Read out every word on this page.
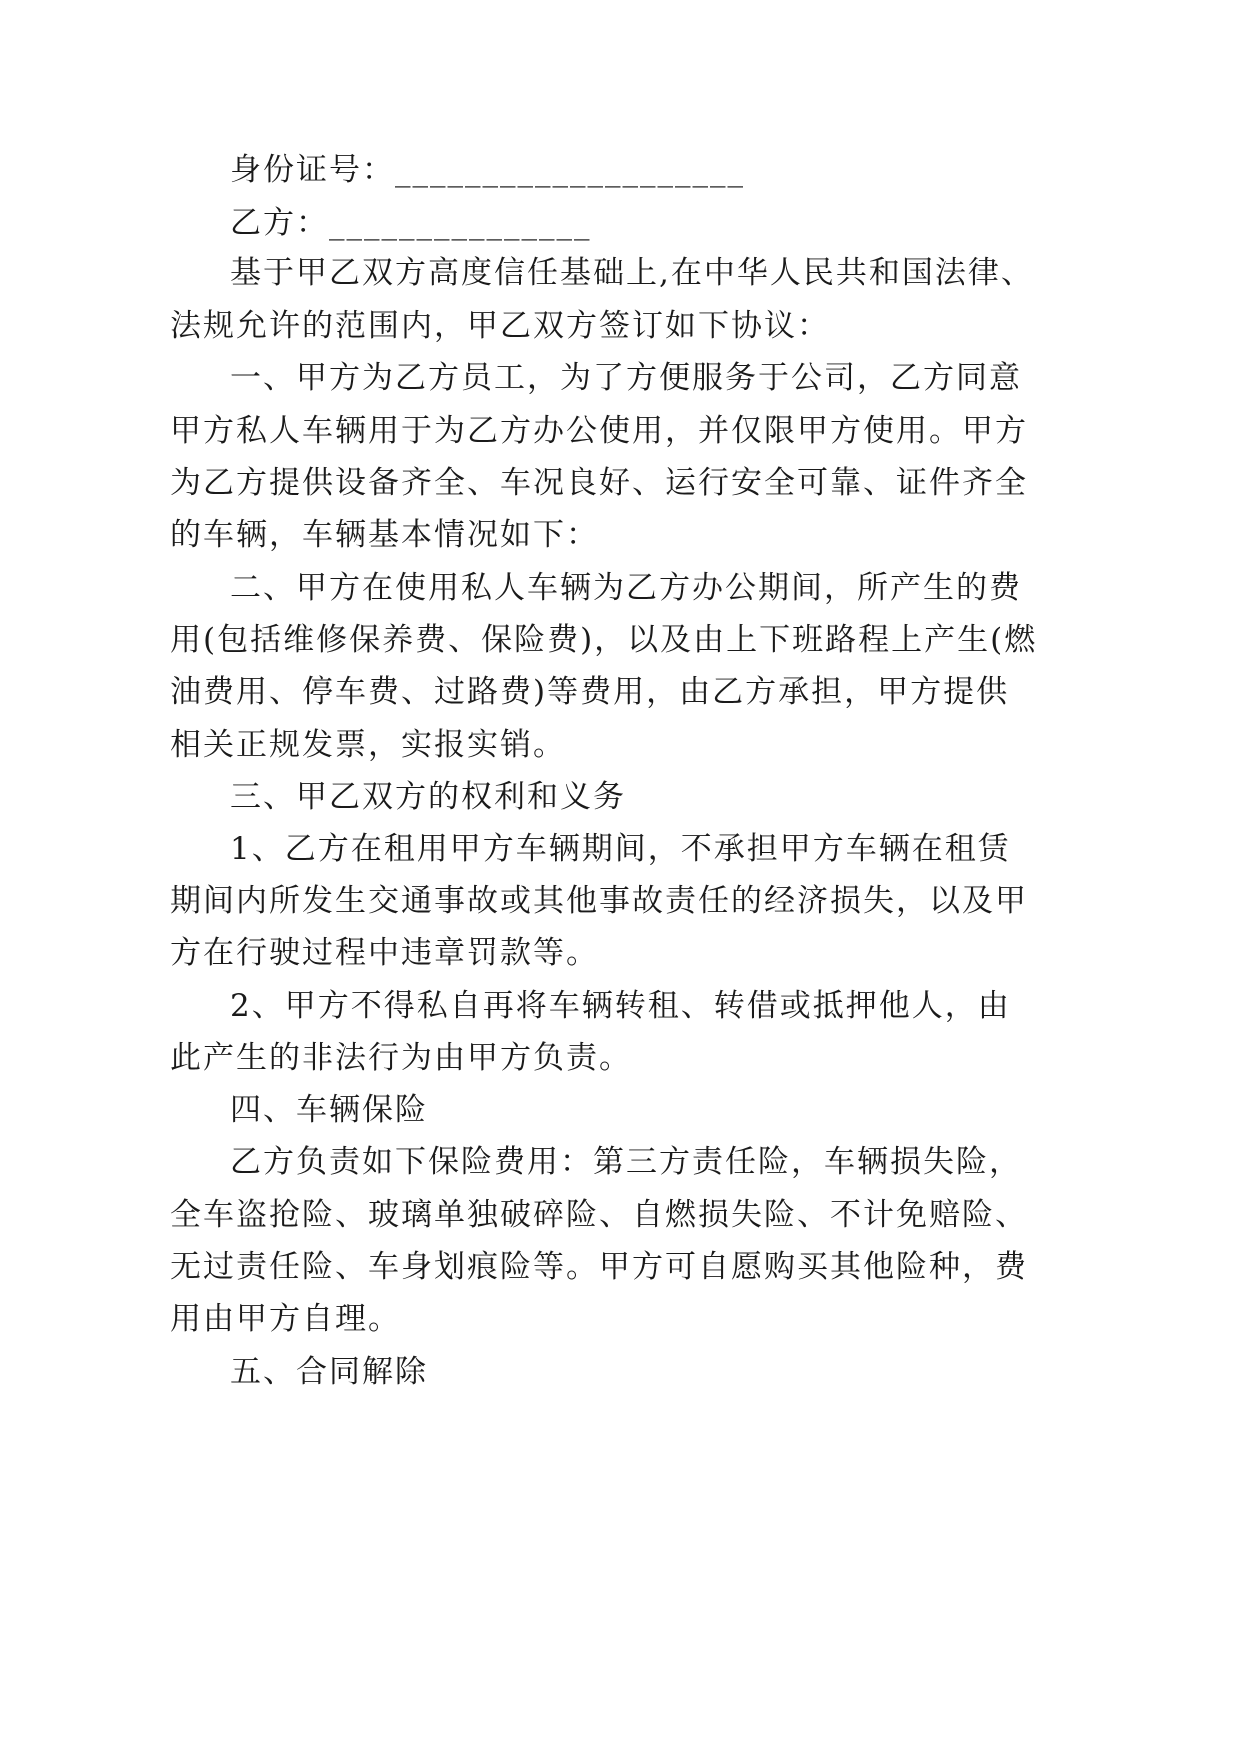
身份证号：____________________
乙方：_______________
基于甲乙双方高度信任基础上,在中华人民共和国法律、
法规允许的范围内，甲乙双方签订如下协议：
一、甲方为乙方员工，为了方便服务于公司，乙方同意
甲方私人车辆用于为乙方办公使用，并仅限甲方使用。甲方
为乙方提供设备齐全、车况良好、运行安全可靠、证件齐全
的车辆，车辆基本情况如下：
二、甲方在使用私人车辆为乙方办公期间，所产生的费
用(包括维修保养费、保险费)，以及由上下班路程上产生(燃
油费用、停车费、过路费)等费用，由乙方承担，甲方提供
相关正规发票，实报实销。
三、甲乙双方的权利和义务
1、乙方在租用甲方车辆期间，不承担甲方车辆在租赁
期间内所发生交通事故或其他事故责任的经济损失，以及甲
方在行驶过程中违章罚款等。
2、甲方不得私自再将车辆转租、转借或抵押他人，由
此产生的非法行为由甲方负责。
四、车辆保险
乙方负责如下保险费用：第三方责任险，车辆损失险，
全车盗抢险、玻璃单独破碎险、自燃损失险、不计免赔险、
无过责任险、车身划痕险等。甲方可自愿购买其他险种，费
用由甲方自理。
五、合同解除
